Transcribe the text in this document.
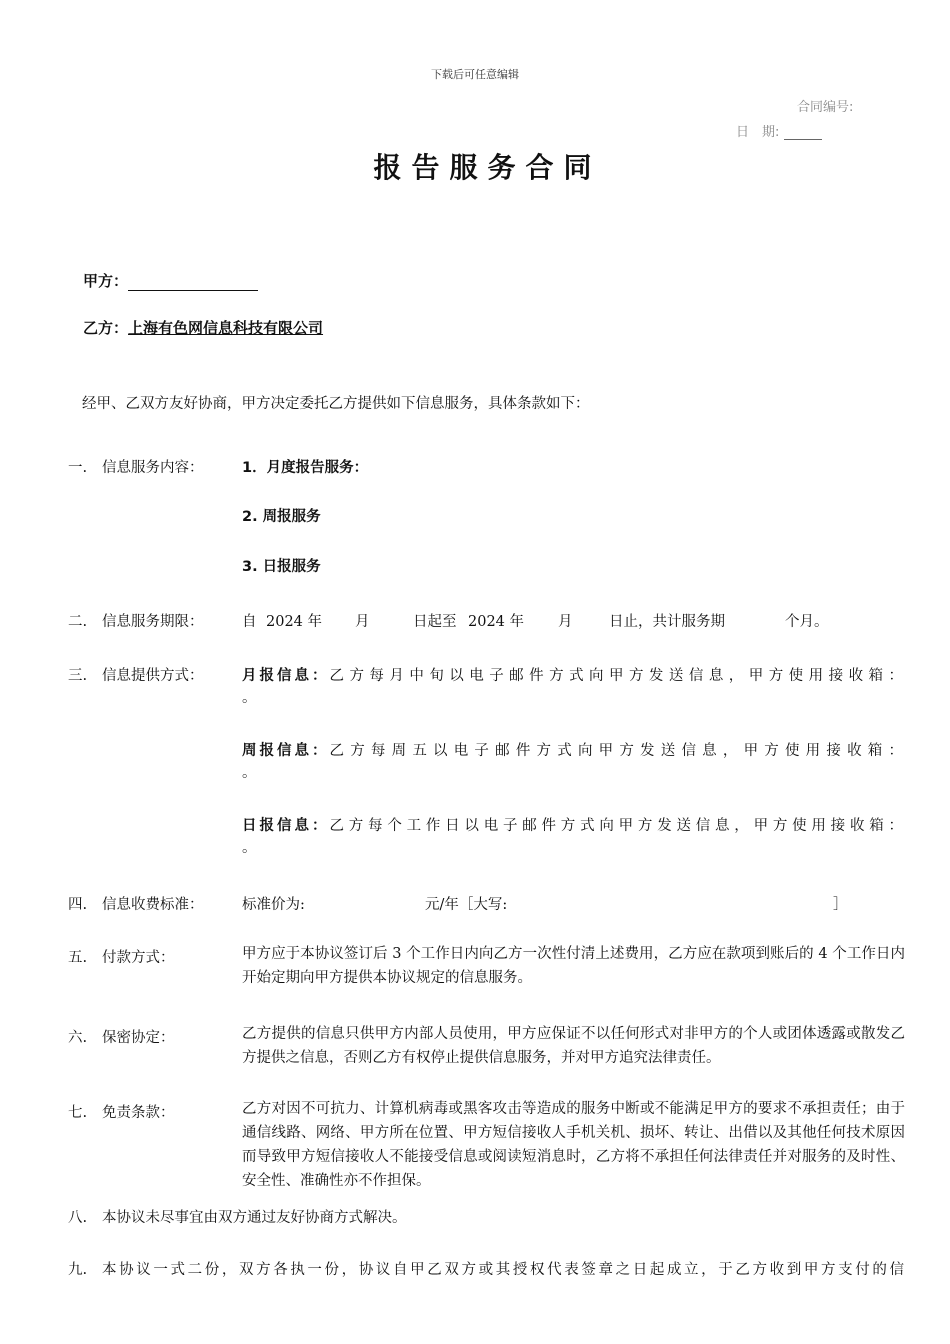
下载后可任意编辑
合同编号:
日　期:
报告服务合同
甲方：
乙方：上海有色网信息科技有限公司
经甲、乙双方友好协商，甲方决定委托乙方提供如下信息服务，具体条款如下：
一. 信息服务内容：	1．月度报告服务：
2. 周报服务
3. 日报服务
二. 信息服务期限：	自 2024 年 月	日起至 2024 年 月	日止，共计服务期	个月。
三. 信息提供方式：	月报信息： 乙方每月中旬以电子邮件方式向甲方发送信息，甲方使用接收箱：
。
周报信息： 乙方每周五以电子邮件方式向甲方发送信息，甲方使用接收箱：
。
日报信息： 乙方每个工作日以电子邮件方式向甲方发送信息，甲方使用接收箱：
。
四. 信息收费标准：	标准价为:	元/年［大写:	］
五. 付款方式：	甲方应于本协议签订后 3 个工作日内向乙方一次性付清上述费用，乙方应在款项到账后的 4 个工作日内开始定期向甲方提供本协议规定的信息服务。
六. 保密协定：	乙方提供的信息只供甲方内部人员使用，甲方应保证不以任何形式对非甲方的个人或团体透露或散发乙方提供之信息，否则乙方有权停止提供信息服务，并对甲方追究法律责任。
七. 免责条款：	乙方对因不可抗力、计算机病毒或黑客攻击等造成的服务中断或不能满足甲方的要求不承担责任；由于通信线路、网络、甲方所在位置、甲方短信接收人手机关机、损坏、转让、出借以及其他任何技术原因而导致甲方短信接收人不能接受信息或阅读短消息时，乙方将不承担任何法律责任并对服务的及时性、安全性、准确性亦不作担保。
八. 本协议未尽事宜由双方通过友好协商方式解决。
九. 本协议一式二份，双方各执一份，协议自甲乙双方或其授权代表签章之日起成立，于乙方收到甲方支付的信
